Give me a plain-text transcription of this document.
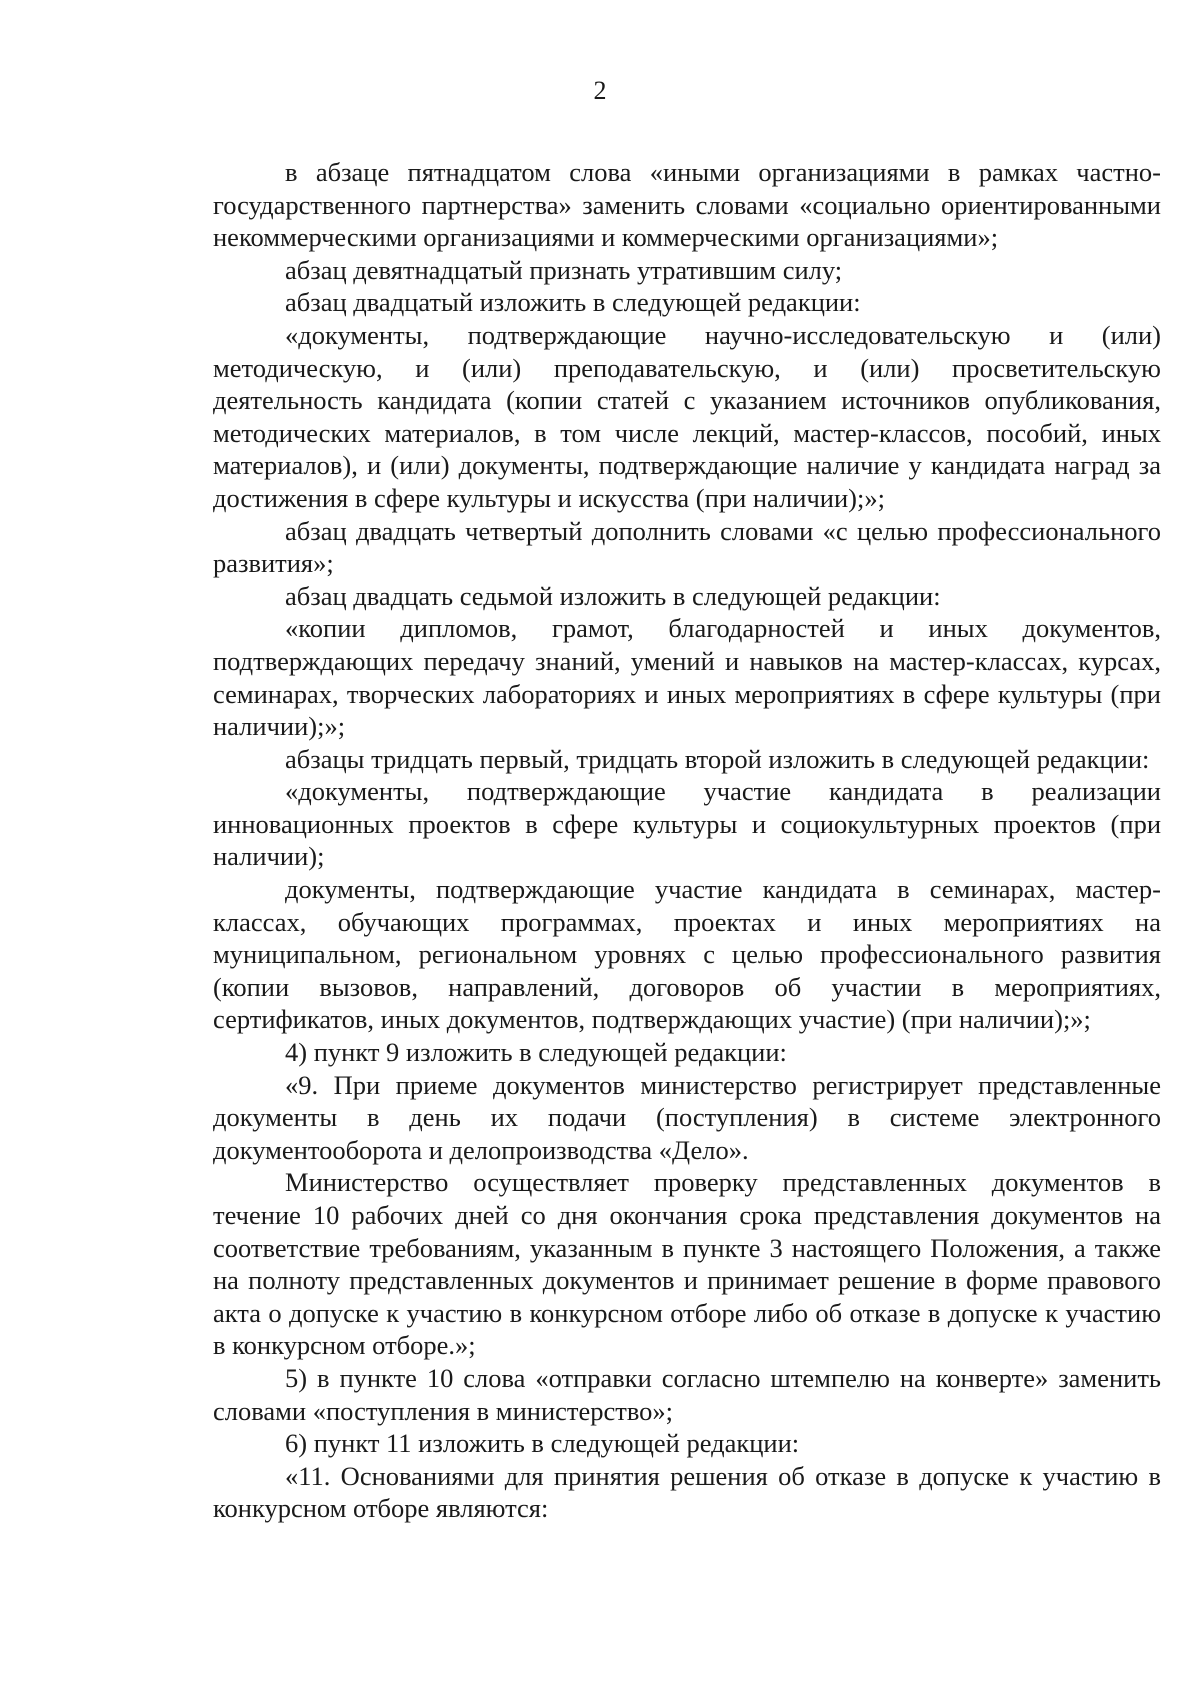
2

в абзаце пятнадцатом слова «иными организациями в рамках частно-государственного партнерства» заменить словами «социально ориентированными некоммерческими организациями и коммерческими организациями»;

абзац девятнадцатый признать утратившим силу;

абзац двадцатый изложить в следующей редакции:

«документы, подтверждающие научно-исследовательскую и (или) методическую, и (или) преподавательскую, и (или) просветительскую деятельность кандидата (копии статей с указанием источников опубликования, методических материалов, в том числе лекций, мастер-классов, пособий, иных материалов), и (или) документы, подтверждающие наличие у кандидата наград за достижения в сфере культуры и искусства (при наличии);»;

абзац двадцать четвертый дополнить словами «с целью профессионального развития»;

абзац двадцать седьмой изложить в следующей редакции:

«копии дипломов, грамот, благодарностей и иных документов, подтверждающих передачу знаний, умений и навыков на мастер-классах, курсах, семинарах, творческих лабораториях и иных мероприятиях в сфере культуры (при наличии);»;

абзацы тридцать первый, тридцать второй изложить в следующей редакции:

«документы, подтверждающие участие кандидата в реализации инновационных проектов в сфере культуры и социокультурных проектов (при наличии);

документы, подтверждающие участие кандидата в семинарах, мастер-классах, обучающих программах, проектах и иных мероприятиях на муниципальном, региональном уровнях с целью профессионального развития (копии вызовов, направлений, договоров об участии в мероприятиях, сертификатов, иных документов, подтверждающих участие) (при наличии);»;

4) пункт 9 изложить в следующей редакции:

«9. При приеме документов министерство регистрирует представленные документы в день их подачи (поступления) в системе электронного документооборота и делопроизводства «Дело».

Министерство осуществляет проверку представленных документов в течение 10 рабочих дней со дня окончания срока представления документов на соответствие требованиям, указанным в пункте 3 настоящего Положения, а также на полноту представленных документов и принимает решение в форме правового акта о допуске к участию в конкурсном отборе либо об отказе в допуске к участию в конкурсном отборе.»;

5) в пункте 10 слова «отправки согласно штемпелю на конверте» заменить словами «поступления в министерство»;

6) пункт 11 изложить в следующей редакции:

«11. Основаниями для принятия решения об отказе в допуске к участию в конкурсном отборе являются:
